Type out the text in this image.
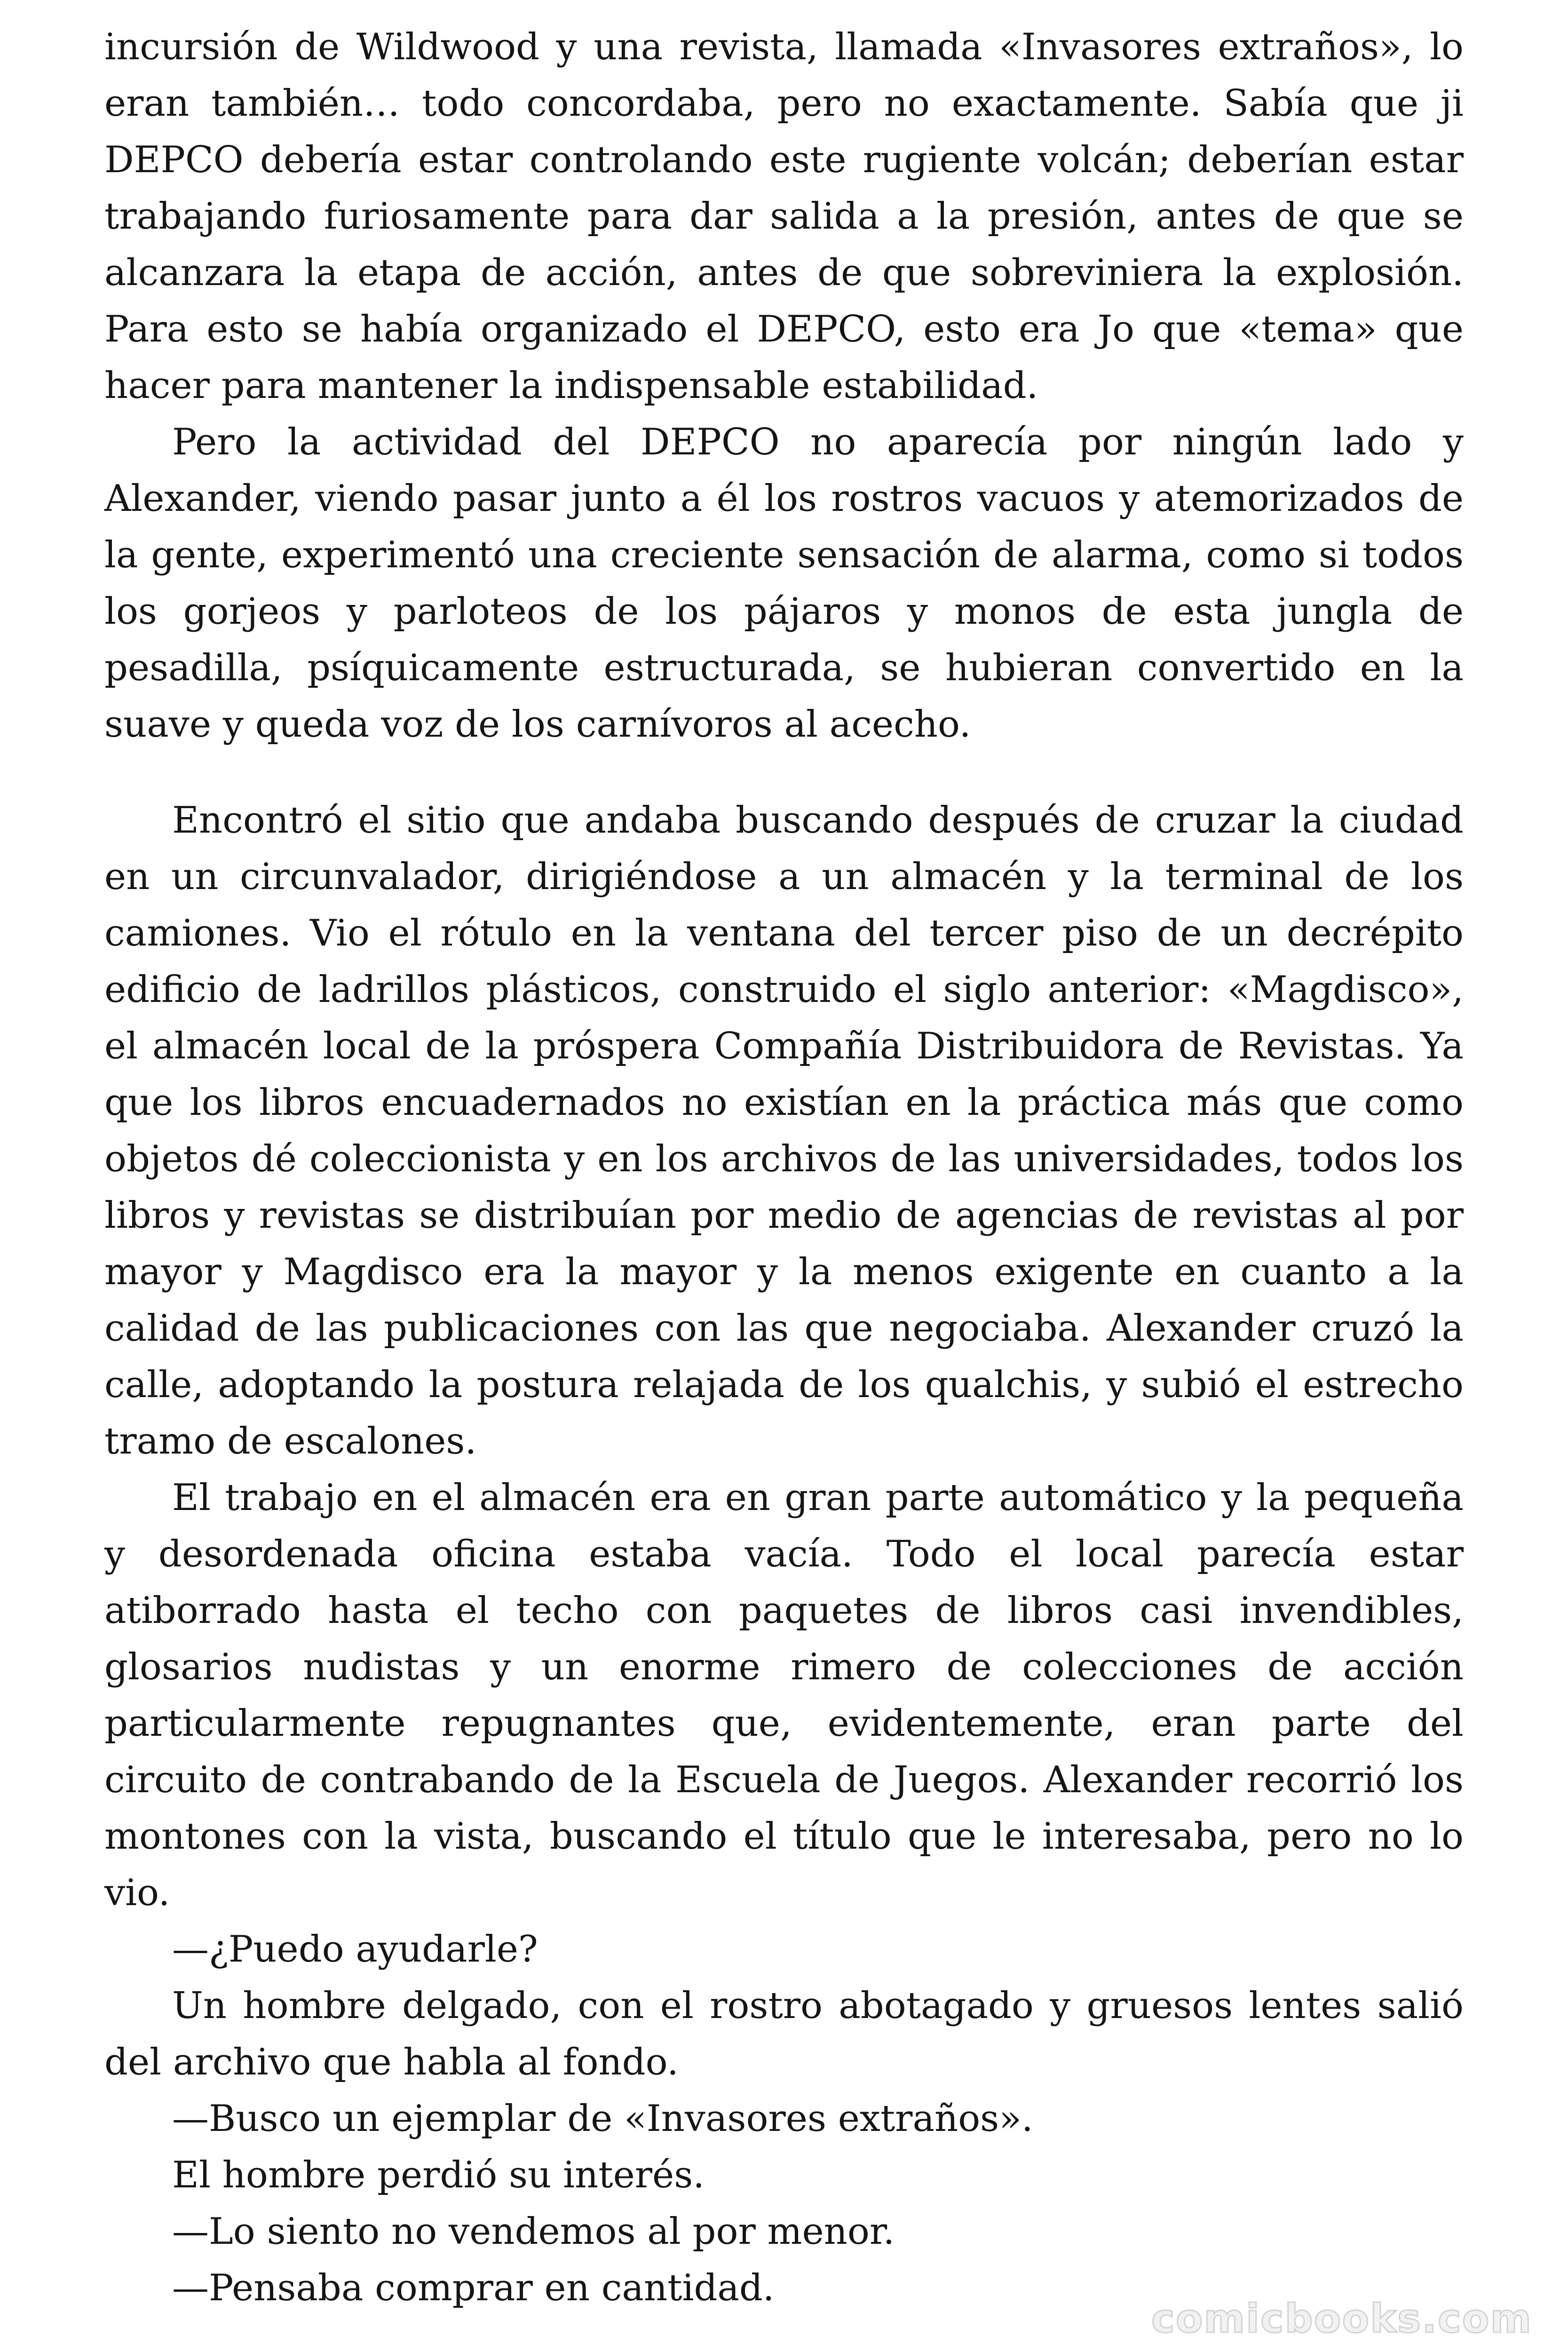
incursión de Wildwood y una revista, llamada «Invasores extraños», lo eran también… todo concordaba, pero no exactamente. Sabía que ji DEPCO debería estar controlando este rugiente volcán; deberían estar trabajando furiosamente para dar salida a la presión, antes de que se alcanzara la etapa de acción, antes de que sobreviniera la explosión. Para esto se había organizado el DEPCO, esto era Jo que «tema» que hacer para mantener la indispensable estabilidad.

Pero la actividad del DEPCO no aparecía por ningún lado y Alexander, viendo pasar junto a él los rostros vacuos y atemorizados de la gente, experimentó una creciente sensación de alarma, como si todos los gorjeos y parloteos de los pájaros y monos de esta jungla de pesadilla, psíquicamente estructurada, se hubieran convertido en la suave y queda voz de los carnívoros al acecho.

Encontró el sitio que andaba buscando después de cruzar la ciudad en un circunvalador, dirigiéndose a un almacén y la terminal de los camiones. Vio el rótulo en la ventana del tercer piso de un decrépito edificio de ladrillos plásticos, construido el siglo anterior: «Magdisco», el almacén local de la próspera Compañía Distribuidora de Revistas. Ya que los libros encuadernados no existían en la práctica más que como objetos dé coleccionista y en los archivos de las universidades, todos los libros y revistas se distribuían por medio de agencias de revistas al por mayor y Magdisco era la mayor y la menos exigente en cuanto a la calidad de las publicaciones con las que negociaba. Alexander cruzó la calle, adoptando la postura relajada de los qualchis, y subió el estrecho tramo de escalones.

El trabajo en el almacén era en gran parte automático y la pequeña y desordenada oficina estaba vacía. Todo el local parecía estar atiborrado hasta el techo con paquetes de libros casi invendibles, glosarios nudistas y un enorme rimero de colecciones de acción particularmente repugnantes que, evidentemente, eran parte del circuito de contrabando de la Escuela de Juegos. Alexander recorrió los montones con la vista, buscando el título que le interesaba, pero no lo vio.

—¿Puedo ayudarle?

Un hombre delgado, con el rostro abotagado y gruesos lentes salió del archivo que habla al fondo.

—Busco un ejemplar de «Invasores extraños».

El hombre perdió su interés.

—Lo siento no vendemos al por menor.

—Pensaba comprar en cantidad.

comicbooks.com
